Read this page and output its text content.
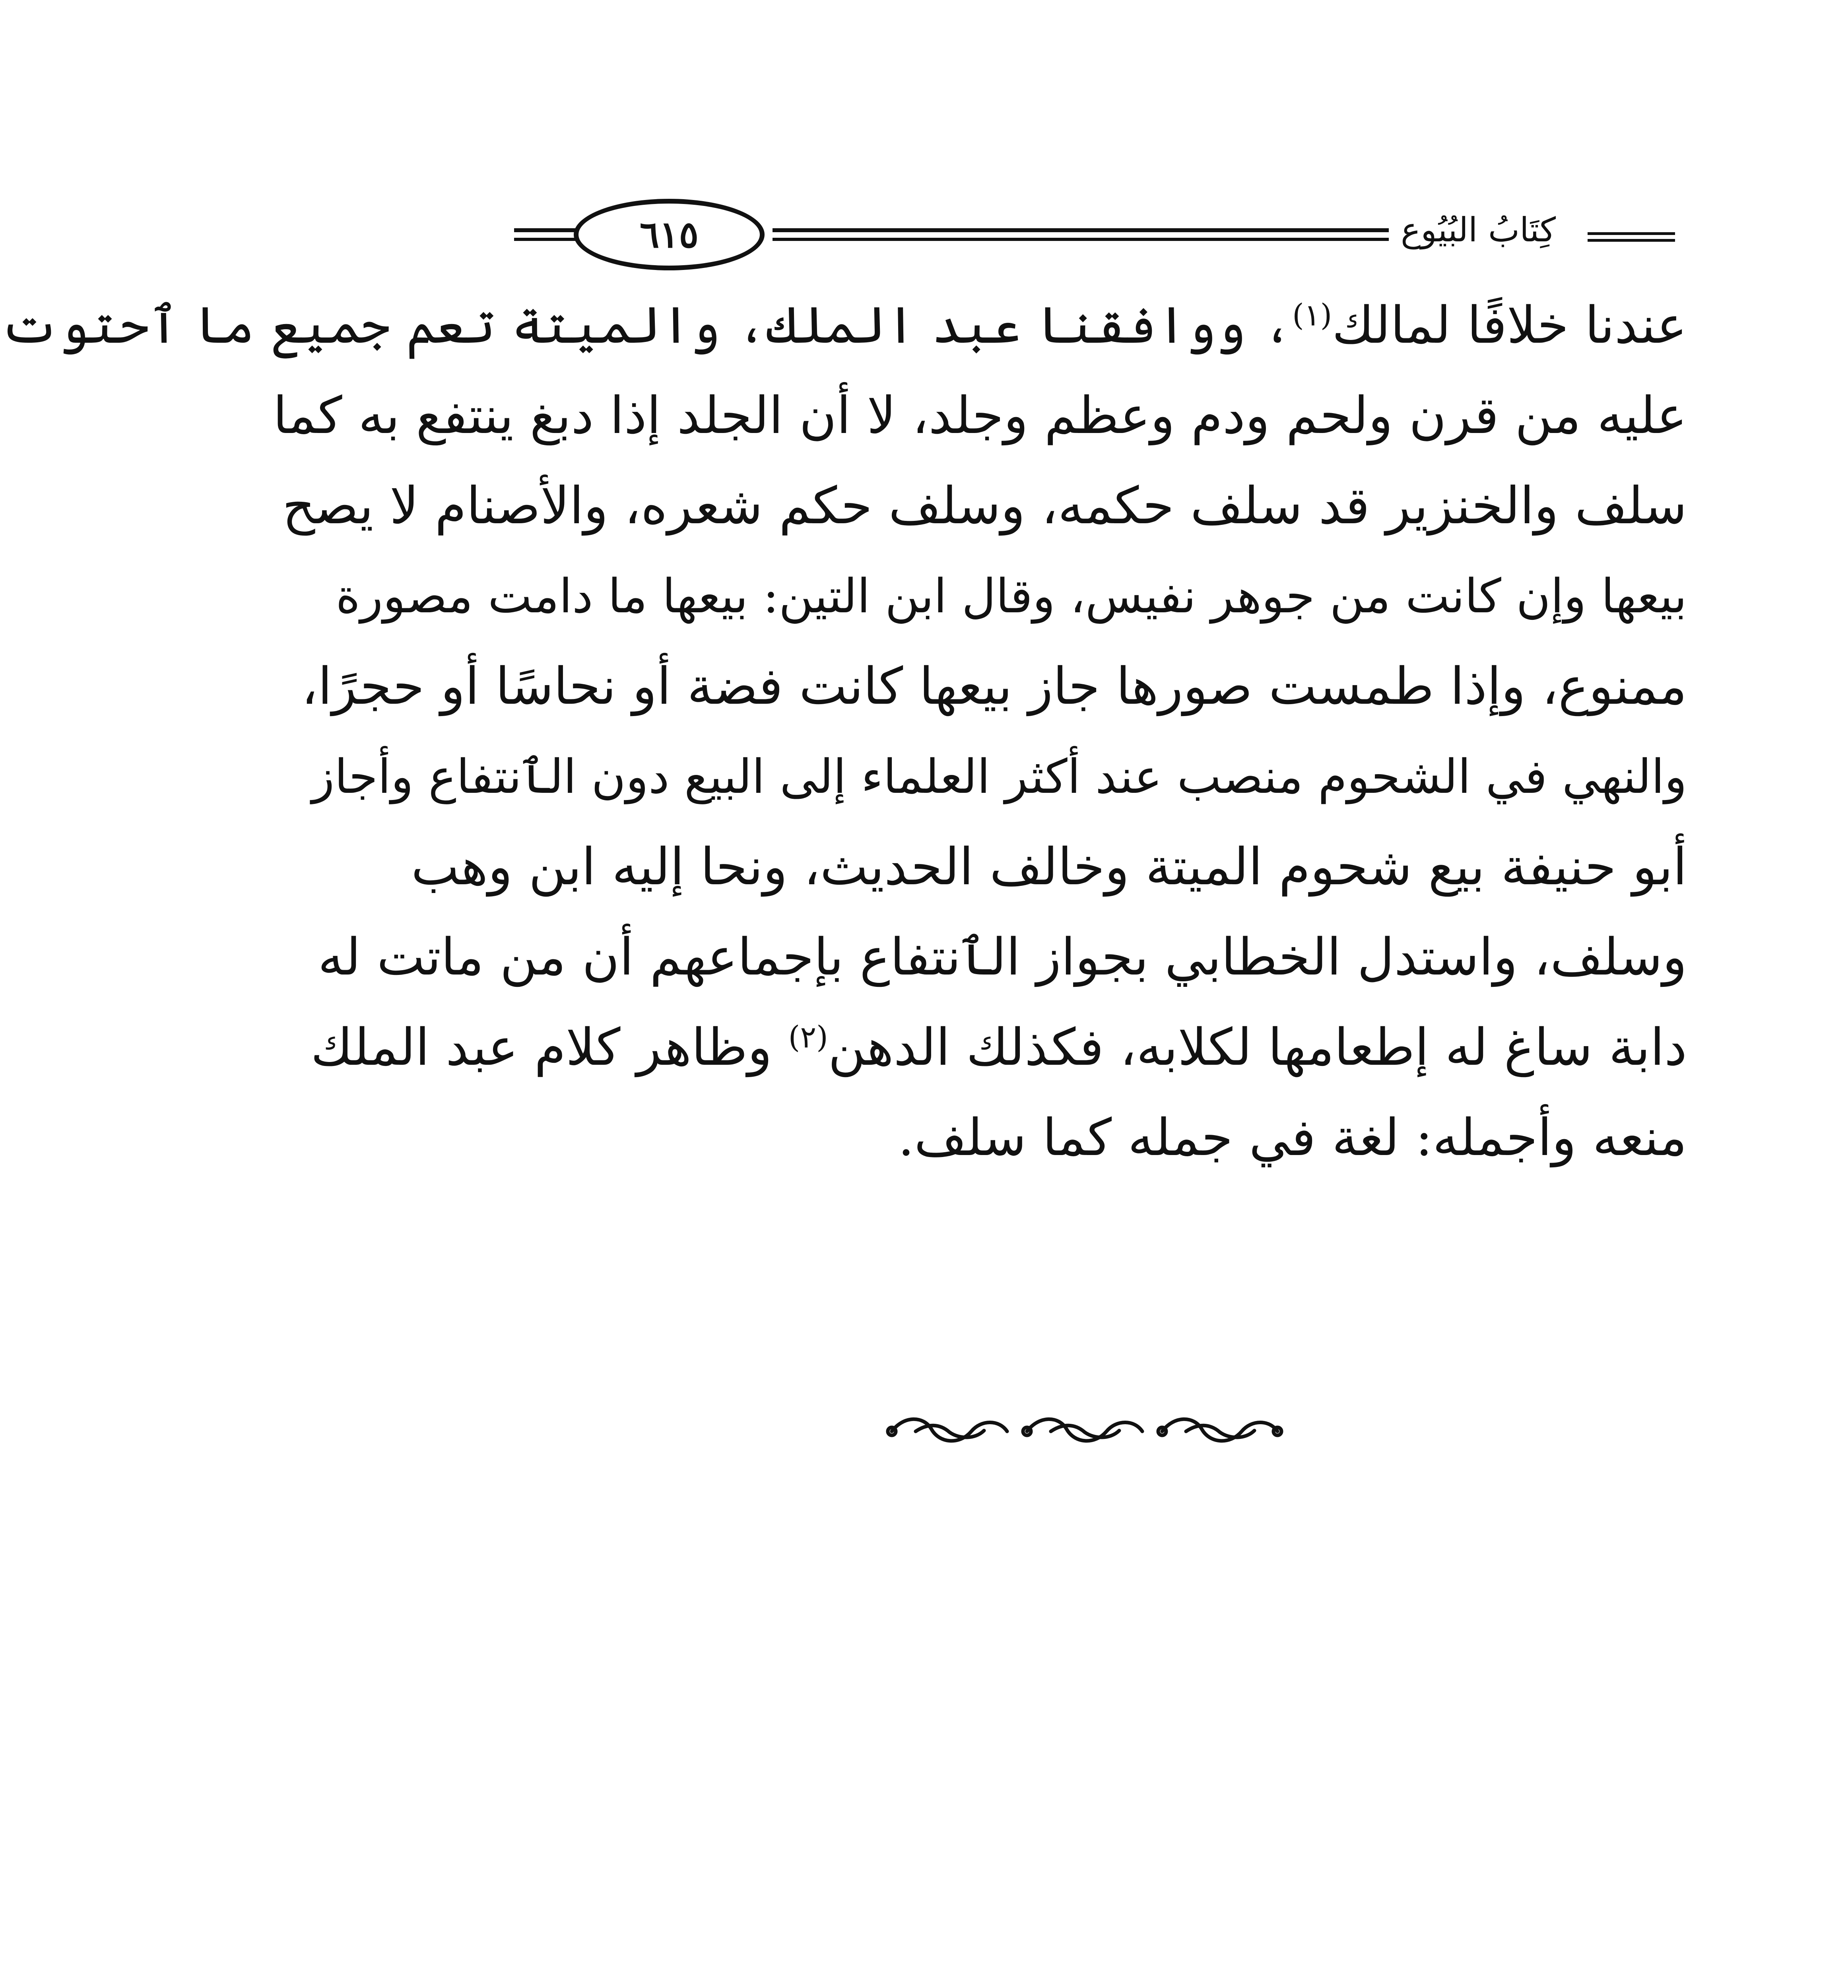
كِتَابُ البُيُوع
٦١٥
عندنا خلافًا لمالك$^{(١)}$، ووافقنا عبد الملك، والميتة تعم جميع ما ٱحتوت
عليه من قرن ولحم ودم وعظم وجلد، لا أن الجلد إذا دبغ ينتفع به كما
سلف والخنزير قد سلف حكمه، وسلف حكم شعره، والأصنام لا يصح
بيعها وإن كانت من جوهر نفيس، وقال ابن التين: بيعها ما دامت مصورة
ممنوع، وإذا طمست صورها جاز بيعها كانت فضة أو نحاسًا أو حجرًا،
والنهي في الشحوم منصب عند أكثر العلماء إلى البيع دون الٱنتفاع وأجاز
أبو حنيفة بيع شحوم الميتة وخالف الحديث، ونحا إليه ابن وهب
وسلف، واستدل الخطابي بجواز الٱنتفاع بإجماعهم أن من ماتت له
دابة ساغ له إطعامها لكلابه، فكذلك الدهن$^{(٢)}$ وظاهر كلام عبد الملك
منعه وأجمله: لغة في جمله كما سلف.
